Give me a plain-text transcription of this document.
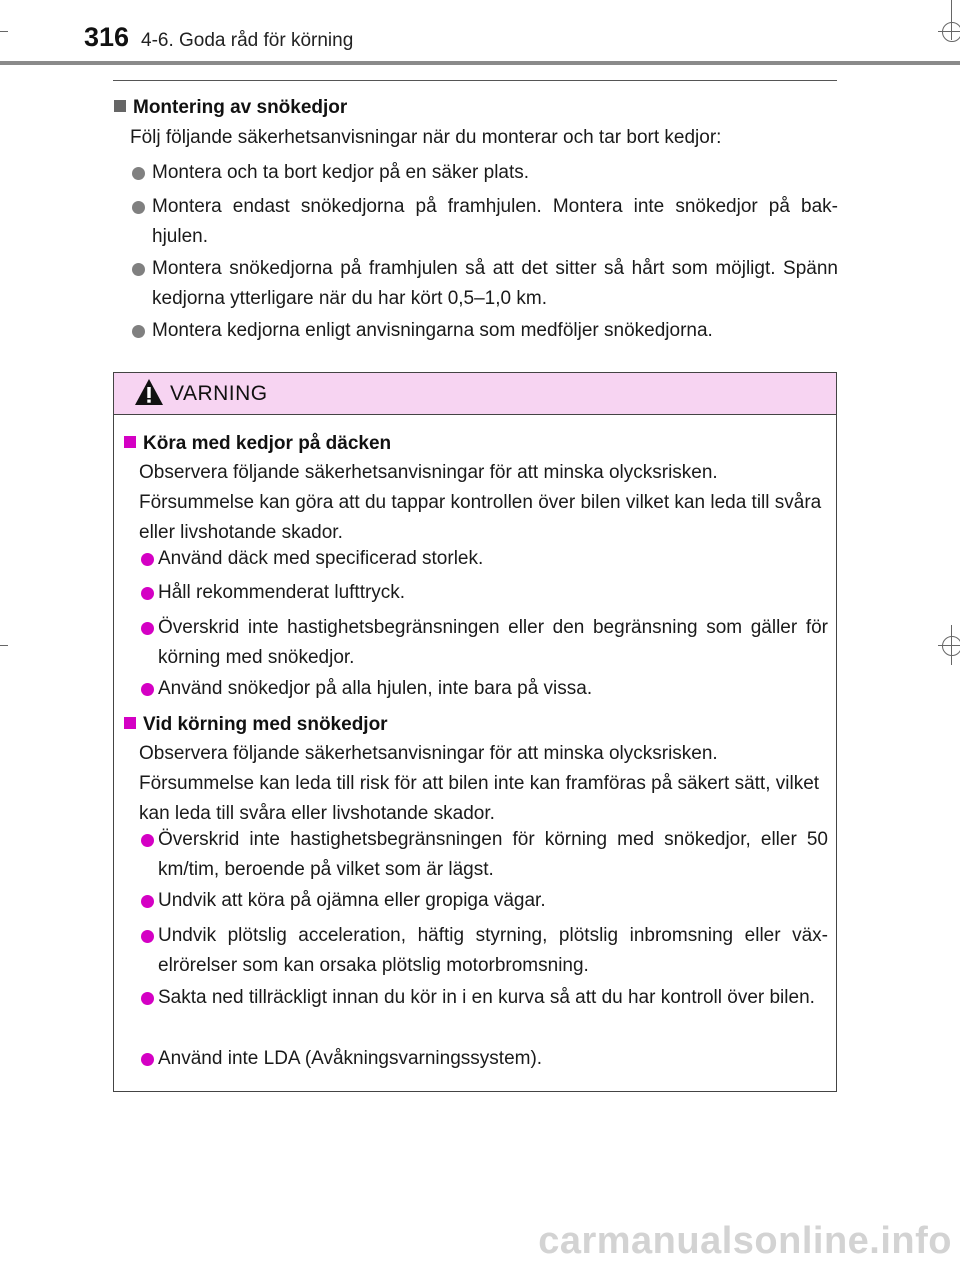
316 4-6. Goda råd för körning
Montering av snökedjor
Följ följande säkerhetsanvisningar när du monterar och tar bort kedjor:
Montera och ta bort kedjor på en säker plats.
Montera endast snökedjorna på framhjulen. Montera inte snökedjor på bak-hjulen.
Montera snökedjorna på framhjulen så att det sitter så hårt som möjligt. Spänn kedjorna ytterligare när du har kört 0,5–1,0 km.
Montera kedjorna enligt anvisningarna som medföljer snökedjorna.
VARNING
Köra med kedjor på däcken
Observera följande säkerhetsanvisningar för att minska olycksrisken. Försummelse kan göra att du tappar kontrollen över bilen vilket kan leda till svåra eller livshotande skador.
Använd däck med specificerad storlek.
Håll rekommenderat lufttryck.
Överskrid inte hastighetsbegränsningen eller den begränsning som gäller för körning med snökedjor.
Använd snökedjor på alla hjulen, inte bara på vissa.
Vid körning med snökedjor
Observera följande säkerhetsanvisningar för att minska olycksrisken. Försummelse kan leda till risk för att bilen inte kan framföras på säkert sätt, vilket kan leda till svåra eller livshotande skador.
Överskrid inte hastighetsbegränsningen för körning med snökedjor, eller 50 km/tim, beroende på vilket som är lägst.
Undvik att köra på ojämna eller gropiga vägar.
Undvik plötslig acceleration, häftig styrning, plötslig inbromsning eller väx-elrörelser som kan orsaka plötslig motorbromsning.
Sakta ned tillräckligt innan du kör in i en kurva så att du har kontroll över bilen.
Använd inte LDA (Avåkningsvarningssystem).
carmanualsonline.info
